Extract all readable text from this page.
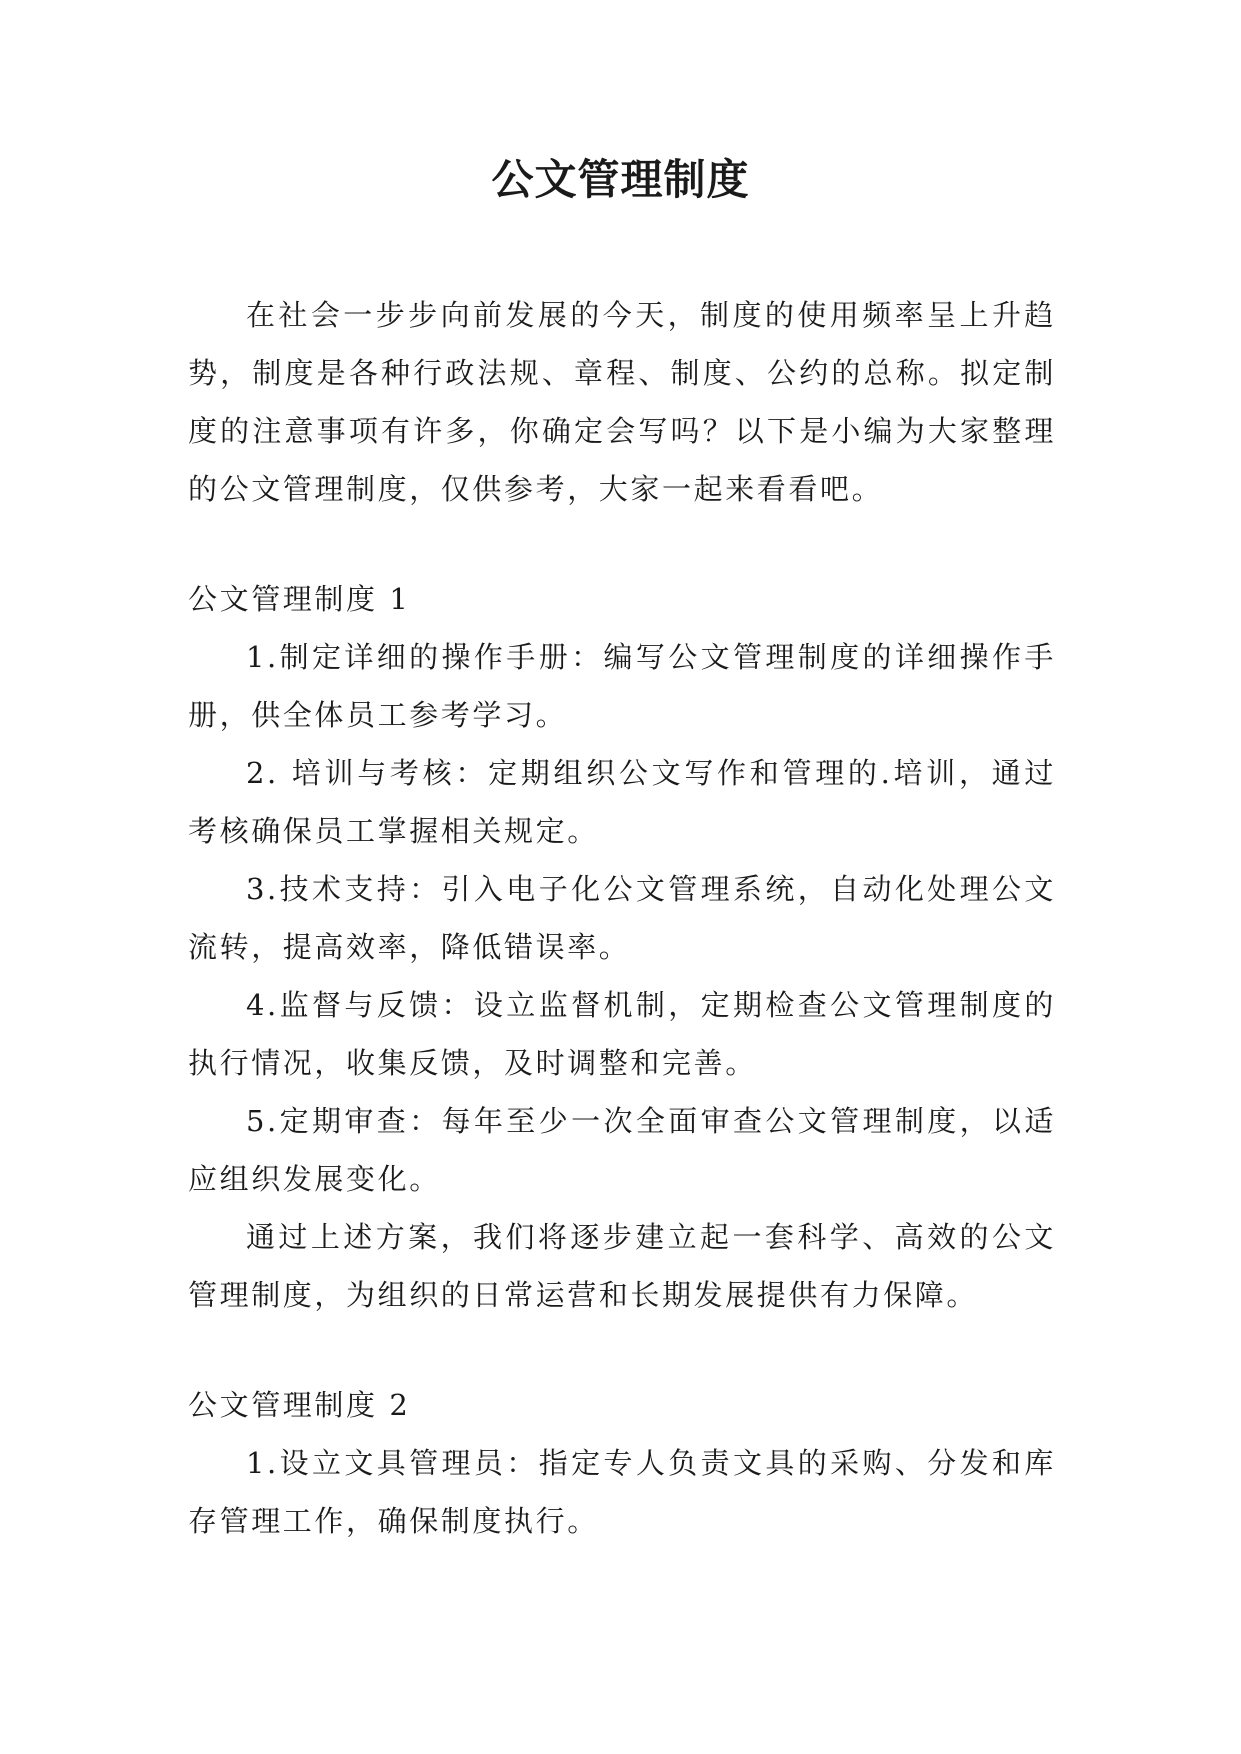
公文管理制度

在社会一步步向前发展的今天，制度的使用频率呈上升趋势，制度是各种行政法规、章程、制度、公约的总称。拟定制度的注意事项有许多，你确定会写吗？以下是小编为大家整理的公文管理制度，仅供参考，大家一起来看看吧。

公文管理制度 1

1.制定详细的操作手册：编写公文管理制度的详细操作手册，供全体员工参考学习。

2. 培训与考核：定期组织公文写作和管理的.培训，通过考核确保员工掌握相关规定。

3.技术支持：引入电子化公文管理系统，自动化处理公文流转，提高效率，降低错误率。

4.监督与反馈：设立监督机制，定期检查公文管理制度的执行情况，收集反馈，及时调整和完善。

5.定期审查：每年至少一次全面审查公文管理制度，以适应组织发展变化。

通过上述方案，我们将逐步建立起一套科学、高效的公文管理制度，为组织的日常运营和长期发展提供有力保障。

公文管理制度 2

1.设立文具管理员：指定专人负责文具的采购、分发和库存管理工作，确保制度执行。
